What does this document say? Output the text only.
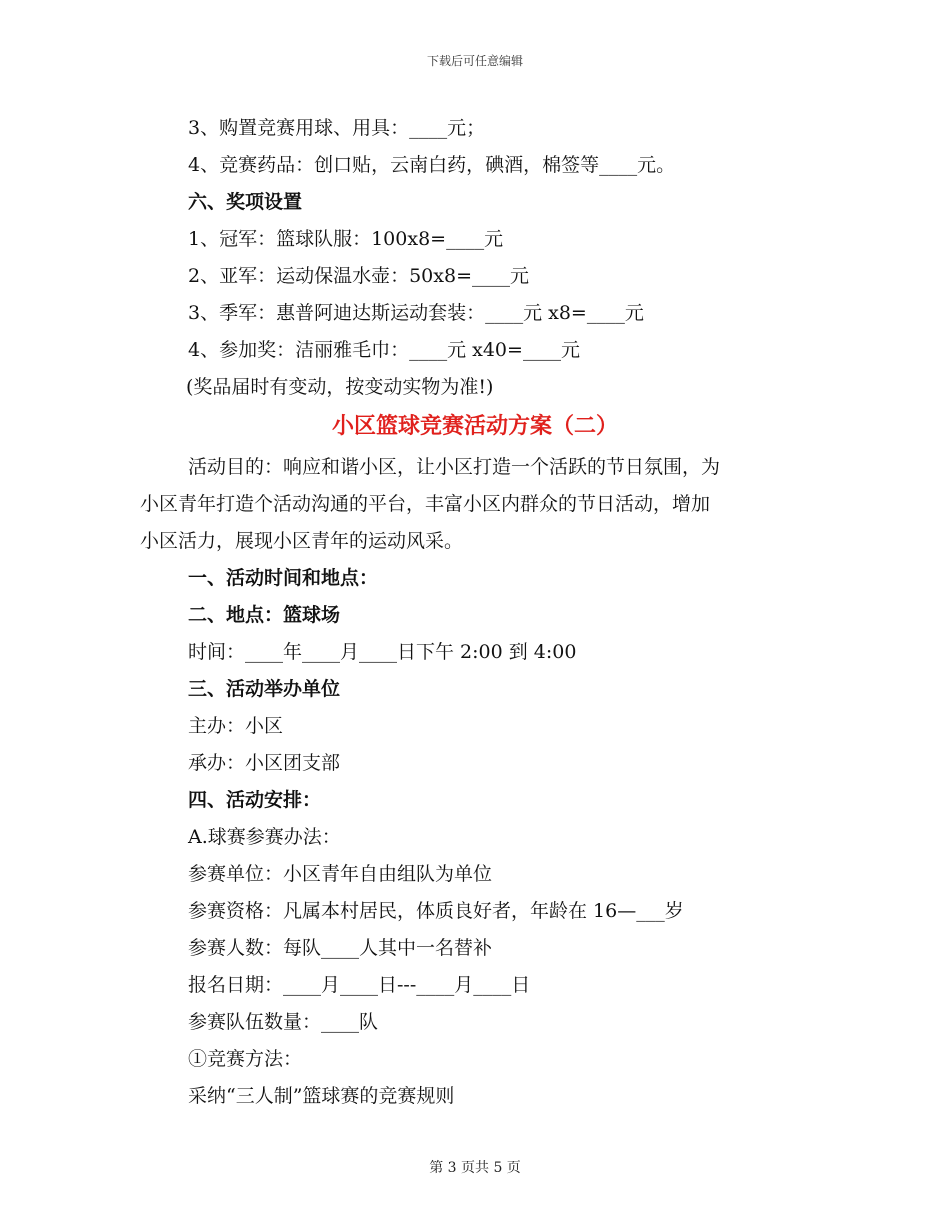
下载后可任意编辑
3、购置竞赛用球、用具：____元；
4、竞赛药品：创口贴，云南白药，碘酒，棉签等____元。
六、奖项设置
1、冠军：篮球队服：100x8=____元
2、亚军：运动保温水壶：50x8=____元
3、季军：惠普阿迪达斯运动套装：____元 x8=____元
4、参加奖：洁丽雅毛巾：____元 x40=____元
(奖品届时有变动，按变动实物为准!)
小区篮球竞赛活动方案（二）
活动目的：响应和谐小区，让小区打造一个活跃的节日氛围，为
小区青年打造个活动沟通的平台，丰富小区内群众的节日活动，增加
小区活力，展现小区青年的运动风采。
一、活动时间和地点：
二、地点：篮球场
时间：____年____月____日下午 2:00 到 4:00
三、活动举办单位
主办：小区
承办：小区团支部
四、活动安排：
A.球赛参赛办法：
参赛单位：小区青年自由组队为单位
参赛资格：凡属本村居民，体质良好者，年龄在 16—___岁
参赛人数：每队____人其中一名替补
报名日期：____月____日---____月____日
参赛队伍数量：____队
①竞赛方法：
采纳“三人制”篮球赛的竞赛规则
第 3 页共 5 页
